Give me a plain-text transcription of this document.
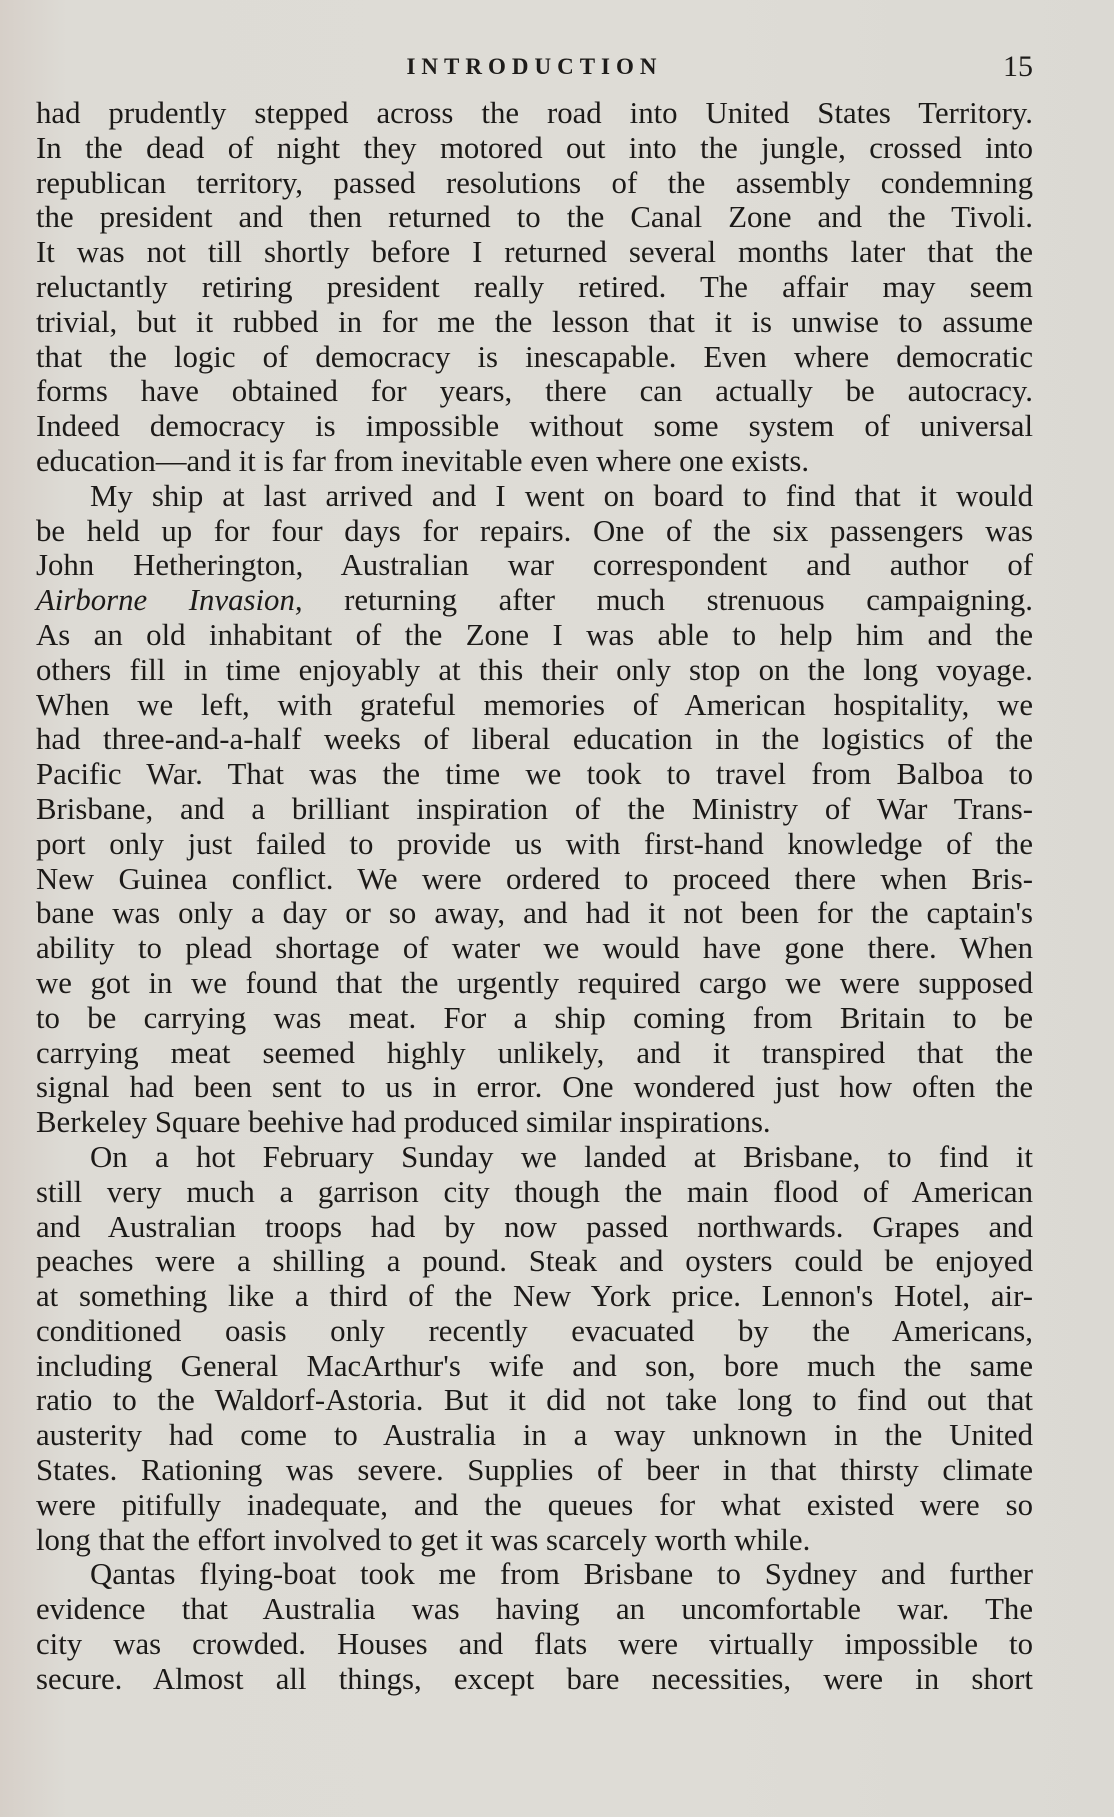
INTRODUCTION	15
had prudently stepped across the road into United States Territory.
In the dead of night they motored out into the jungle, crossed into
republican territory, passed resolutions of the assembly condemning
the president and then returned to the Canal Zone and the Tivoli.
It was not till shortly before I returned several months later that the
reluctantly retiring president really retired. The affair may seem
trivial, but it rubbed in for me the lesson that it is unwise to assume
that the logic of democracy is inescapable. Even where democratic
forms have obtained for years, there can actually be autocracy.
Indeed democracy is impossible without some system of universal
education—and it is far from inevitable even where one exists.
My ship at last arrived and I went on board to find that it would
be held up for four days for repairs. One of the six passengers was
John Hetherington, Australian war correspondent and author of
Airborne Invasion, returning after much strenuous campaigning.
As an old inhabitant of the Zone I was able to help him and the
others fill in time enjoyably at this their only stop on the long voyage.
When we left, with grateful memories of American hospitality, we
had three-and-a-half weeks of liberal education in the logistics of the
Pacific War. That was the time we took to travel from Balboa to
Brisbane, and a brilliant inspiration of the Ministry of War Trans-
port only just failed to provide us with first-hand knowledge of the
New Guinea conflict. We were ordered to proceed there when Bris-
bane was only a day or so away, and had it not been for the captain's
ability to plead shortage of water we would have gone there. When
we got in we found that the urgently required cargo we were supposed
to be carrying was meat. For a ship coming from Britain to be
carrying meat seemed highly unlikely, and it transpired that the
signal had been sent to us in error. One wondered just how often the
Berkeley Square beehive had produced similar inspirations.
On a hot February Sunday we landed at Brisbane, to find it
still very much a garrison city though the main flood of American
and Australian troops had by now passed northwards. Grapes and
peaches were a shilling a pound. Steak and oysters could be enjoyed
at something like a third of the New York price. Lennon's Hotel, air-
conditioned oasis only recently evacuated by the Americans,
including General MacArthur's wife and son, bore much the same
ratio to the Waldorf-Astoria. But it did not take long to find out that
austerity had come to Australia in a way unknown in the United
States. Rationing was severe. Supplies of beer in that thirsty climate
were pitifully inadequate, and the queues for what existed were so
long that the effort involved to get it was scarcely worth while.
Qantas flying-boat took me from Brisbane to Sydney and further
evidence that Australia was having an uncomfortable war. The
city was crowded. Houses and flats were virtually impossible to
secure. Almost all things, except bare necessities, were in short
